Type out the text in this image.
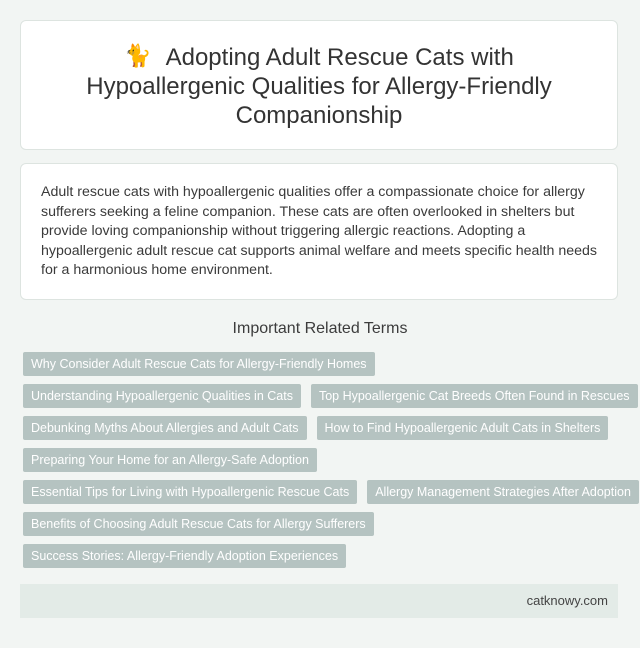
🐈 Adopting Adult Rescue Cats with Hypoallergenic Qualities for Allergy-Friendly Companionship

Adult rescue cats with hypoallergenic qualities offer a compassionate choice for allergy sufferers seeking a feline companion. These cats are often overlooked in shelters but provide loving companionship without triggering allergic reactions. Adopting a hypoallergenic adult rescue cat supports animal welfare and meets specific health needs for a harmonious home environment.

Important Related Terms
Why Consider Adult Rescue Cats for Allergy-Friendly Homes
Understanding Hypoallergenic Qualities in Cats	Top Hypoallergenic Cat Breeds Often Found in Rescues
Debunking Myths About Allergies and Adult Cats	How to Find Hypoallergenic Adult Cats in Shelters
Preparing Your Home for an Allergy-Safe Adoption
Essential Tips for Living with Hypoallergenic Rescue Cats	Allergy Management Strategies After Adoption
Benefits of Choosing Adult Rescue Cats for Allergy Sufferers
Success Stories: Allergy-Friendly Adoption Experiences
catknowy.com
